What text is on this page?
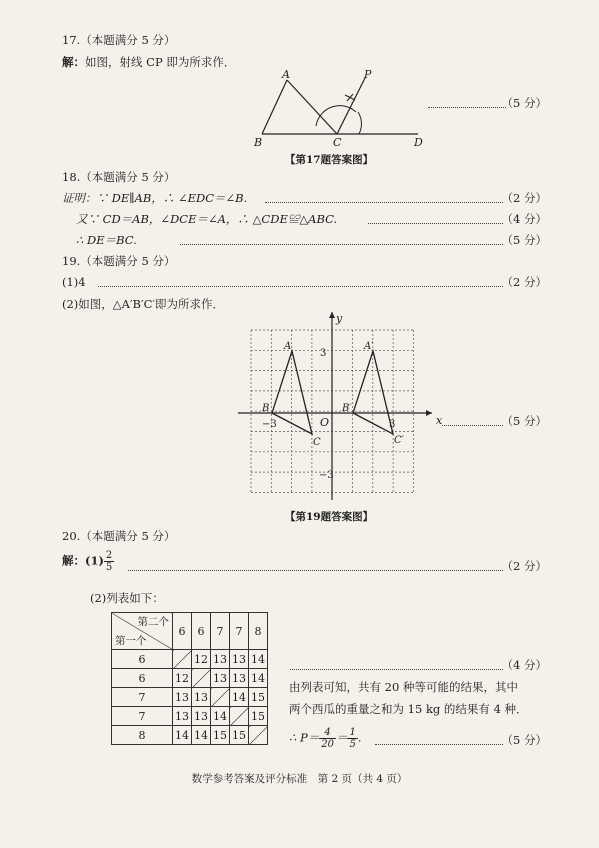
17.（本题满分 5 分）
解：如图，射线 CP 即为所求作．
A	P
B	C	D
（5 分）
【第17题答案图】
18.（本题满分 5 分）
证明：∵ DE∥AB，∴ ∠EDC＝∠B.	（2 分）
又∵ CD＝AB，∠DCE＝∠A，∴ △CDE≌△ABC.	（4 分）
∴ DE＝BC.	（5 分）
19.（本题满分 5 分）
(1)4	（2 分）
(2)如图，△A′B′C′即为所求作．
x
y
O
3
−3
3
−3
A	A′
B	B′
C	C′
（5 分）
【第19题答案图】
20.（本题满分 5 分）
解：$(1) \frac{2}{5}$	（2 分）
(2)列表如下：
第二个
第一个	6	6	7	7	8
6		12	13	13	14
6	12		13	13	14
7	13	13		14	15
7	13	13	14		15
8	14	14	15	15	
（4 分）
由列表可知，共有 20 种等可能的结果，其中
两个西瓜的重量之和为 15 kg 的结果有 4 种．
∴ $P= \frac{4}{20} = \frac{1}{5}$ .	（5 分）
数学参考答案及评分标准　第 2 页（共 4 页）
